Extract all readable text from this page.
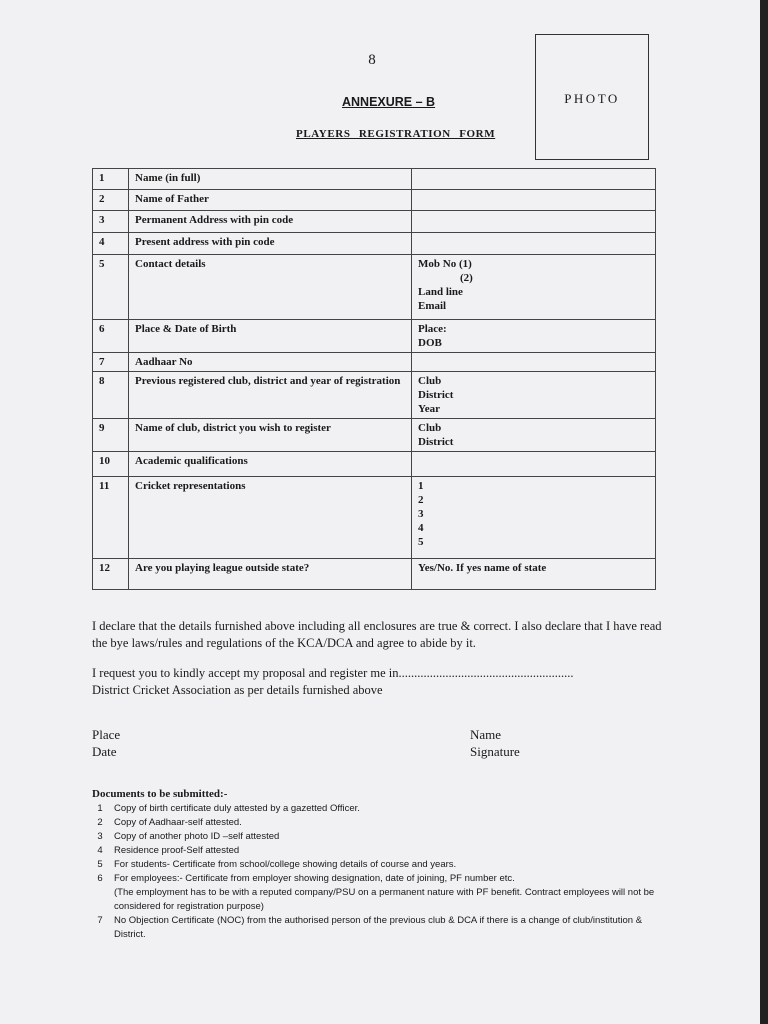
8
ANNEXURE – B
PLAYERS REGISTRATION FORM
PHOTO
1	Name (in full)	
2	Name of Father	
3	Permanent Address with pin code	
4	Present address with pin code	
5	Contact details	Mob No (1)
(2)
Land line
Email

6	Place & Date of Birth	Place:
DOB

7	Aadhaar No	
8	Previous registered club, district and year of registration	Club
District
Year

9	Name of club, district you wish to register	Club
District

10	Academic qualifications	
11	Cricket representations	1
2
3
4
5

12	Are you playing league outside state?	Yes/No. If yes name of state
I declare that the details furnished above including all enclosures are true & correct. I also declare that I have read the bye laws/rules and regulations of the KCA/DCA and agree to abide by it.
I request you to kindly accept my proposal and register me in........................................................
District Cricket Association as per details furnished above
Place
Date
Name
Signature
Documents to be submitted:-
1	Copy of birth certificate duly attested by a gazetted Officer.
2	Copy of Aadhaar-self attested.
3	Copy of another photo ID –self attested
4	Residence proof-Self attested
5	For students- Certificate from school/college showing details of course and years.
6	For employees:- Certificate from employer showing designation, date of joining, PF number etc.
(The employment has to be with a reputed company/PSU on a permanent nature with PF benefit. Contract employees will not be considered for registration purpose)
7	No Objection Certificate (NOC) from the authorised person of the previous club & DCA if there is a change of club/institution & District.
